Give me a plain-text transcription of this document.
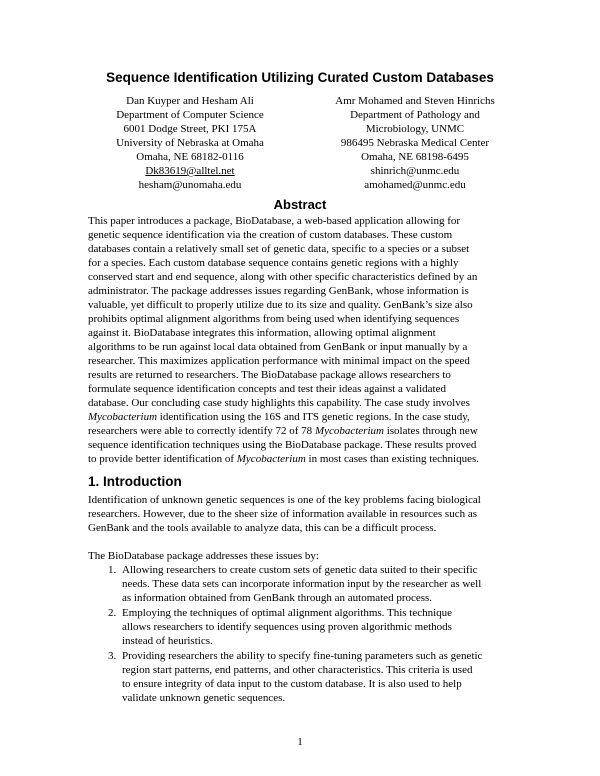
Sequence Identification Utilizing Curated Custom Databases
Dan Kuyper and Hesham Ali
Department of Computer Science
6001 Dodge Street, PKI 175A
University of Nebraska at Omaha
Omaha, NE 68182-0116
Dk83619@alltel.net
hesham@unomaha.edu
Amr Mohamed and Steven Hinrichs
Department of Pathology and
Microbiology, UNMC
986495 Nebraska Medical Center
Omaha, NE 68198-6495
shinrich@unmc.edu
amohamed@unmc.edu
Abstract
This paper introduces a package, BioDatabase, a web-based application allowing for
genetic sequence identification via the creation of custom databases. These custom
databases contain a relatively small set of genetic data, specific to a species or a subset
for a species. Each custom database sequence contains genetic regions with a highly
conserved start and end sequence, along with other specific characteristics defined by an
administrator. The package addresses issues regarding GenBank, whose information is
valuable, yet difficult to properly utilize due to its size and quality. GenBank’s size also
prohibits optimal alignment algorithms from being used when identifying sequences
against it. BioDatabase integrates this information, allowing optimal alignment
algorithms to be run against local data obtained from GenBank or input manually by a
researcher. This maximizes application performance with minimal impact on the speed
results are returned to researchers. The BioDatabase package allows researchers to
formulate sequence identification concepts and test their ideas against a validated
database. Our concluding case study highlights this capability. The case study involves
Mycobacterium identification using the 16S and ITS genetic regions. In the case study,
researchers were able to correctly identify 72 of 78 Mycobacterium isolates through new
sequence identification techniques using the BioDatabase package. These results proved
to provide better identification of Mycobacterium in most cases than existing techniques.
1. Introduction
Identification of unknown genetic sequences is one of the key problems facing biological
researchers. However, due to the sheer size of information available in resources such as
GenBank and the tools available to analyze data, this can be a difficult process.
The BioDatabase package addresses these issues by:
1. Allowing researchers to create custom sets of genetic data suited to their specific
needs. These data sets can incorporate information input by the researcher as well
as information obtained from GenBank through an automated process.
2. Employing the techniques of optimal alignment algorithms. This technique
allows researchers to identify sequences using proven algorithmic methods
instead of heuristics.
3. Providing researchers the ability to specify fine-tuning parameters such as genetic
region start patterns, end patterns, and other characteristics. This criteria is used
to ensure integrity of data input to the custom database. It is also used to help
validate unknown genetic sequences.
1
